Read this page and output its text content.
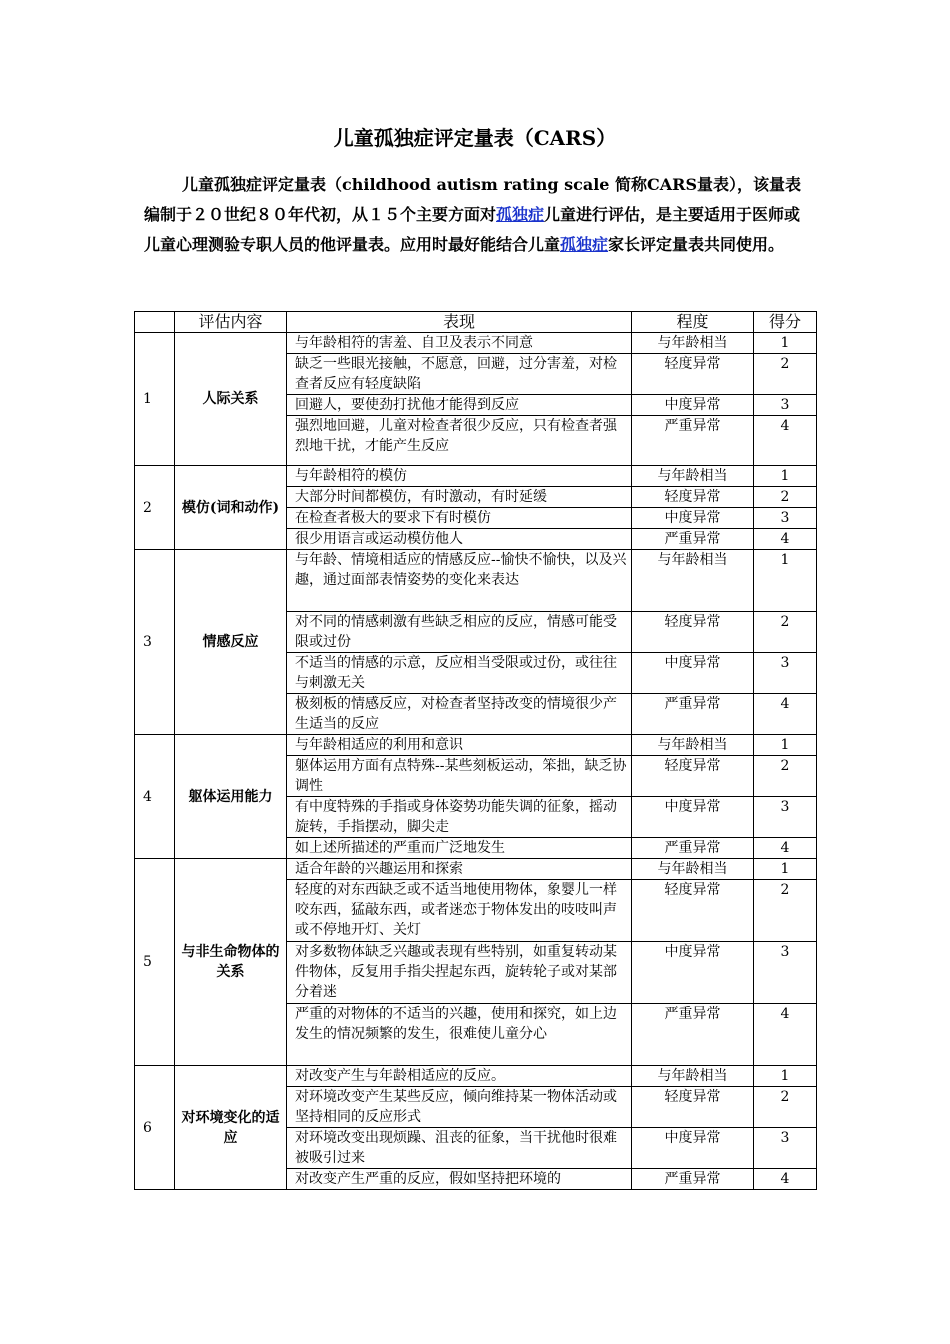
儿童孤独症评定量表（CARS）

儿童孤独症评定量表（childhood autism rating scale 简称CARS量表），该量表编制于２０世纪８０年代初，从１５个主要方面对孤独症儿童进行评估，是主要适用于医师或儿童心理测验专职人员的他评量表。应用时最好能结合儿童孤独症家长评定量表共同使用。

	评估内容	表现	程度	得分
1	人际关系	与年龄相符的害羞、自卫及表示不同意	与年龄相当	1
		缺乏一些眼光接触，不愿意，回避，过分害羞，对检查者反应有轻度缺陷	轻度异常	2
		回避人，要使劲打扰他才能得到反应	中度异常	3
		强烈地回避，儿童对检查者很少反应，只有检查者强烈地干扰，才能产生反应	严重异常	4
2	模仿(词和动作)	与年龄相符的模仿	与年龄相当	1
		大部分时间都模仿，有时激动，有时延缓	轻度异常	2
		在检查者极大的要求下有时模仿	中度异常	3
		很少用语言或运动模仿他人	严重异常	4
3	情感反应	与年龄、情境相适应的情感反应--愉快不愉快，以及兴趣，通过面部表情姿势的变化来表达	与年龄相当	1
		对不同的情感刺激有些缺乏相应的反应，情感可能受限或过份	轻度异常	2
		不适当的情感的示意，反应相当受限或过份，或往往与刺激无关	中度异常	3
		极刻板的情感反应，对检查者坚持改变的情境很少产生适当的反应	严重异常	4
4	躯体运用能力	与年龄相适应的利用和意识	与年龄相当	1
		躯体运用方面有点特殊--某些刻板运动，笨拙，缺乏协调性	轻度异常	2
		有中度特殊的手指或身体姿势功能失调的征象，摇动旋转，手指摆动，脚尖走	中度异常	3
		如上述所描述的严重而广泛地发生	严重异常	4
5	与非生命物体的关系	适合年龄的兴趣运用和探索	与年龄相当	1
		轻度的对东西缺乏或不适当地使用物体，象婴儿一样咬东西，猛敲东西，或者迷恋于物体发出的吱吱叫声或不停地开灯、关灯	轻度异常	2
		对多数物体缺乏兴趣或表现有些特别，如重复转动某件物体，反复用手指尖捏起东西，旋转轮子或对某部分着迷	中度异常	3
		严重的对物体的不适当的兴趣，使用和探究，如上边发生的情况频繁的发生，很难使儿童分心	严重异常	4
6	对环境变化的适应	对改变产生与年龄相适应的反应。	与年龄相当	1
		对环境改变产生某些反应，倾向维持某一物体活动或坚持相同的反应形式	轻度异常	2
		对环境改变出现烦躁、沮丧的征象，当干扰他时很难被吸引过来	中度异常	3
		对改变产生严重的反应，假如坚持把环境的	严重异常	4
